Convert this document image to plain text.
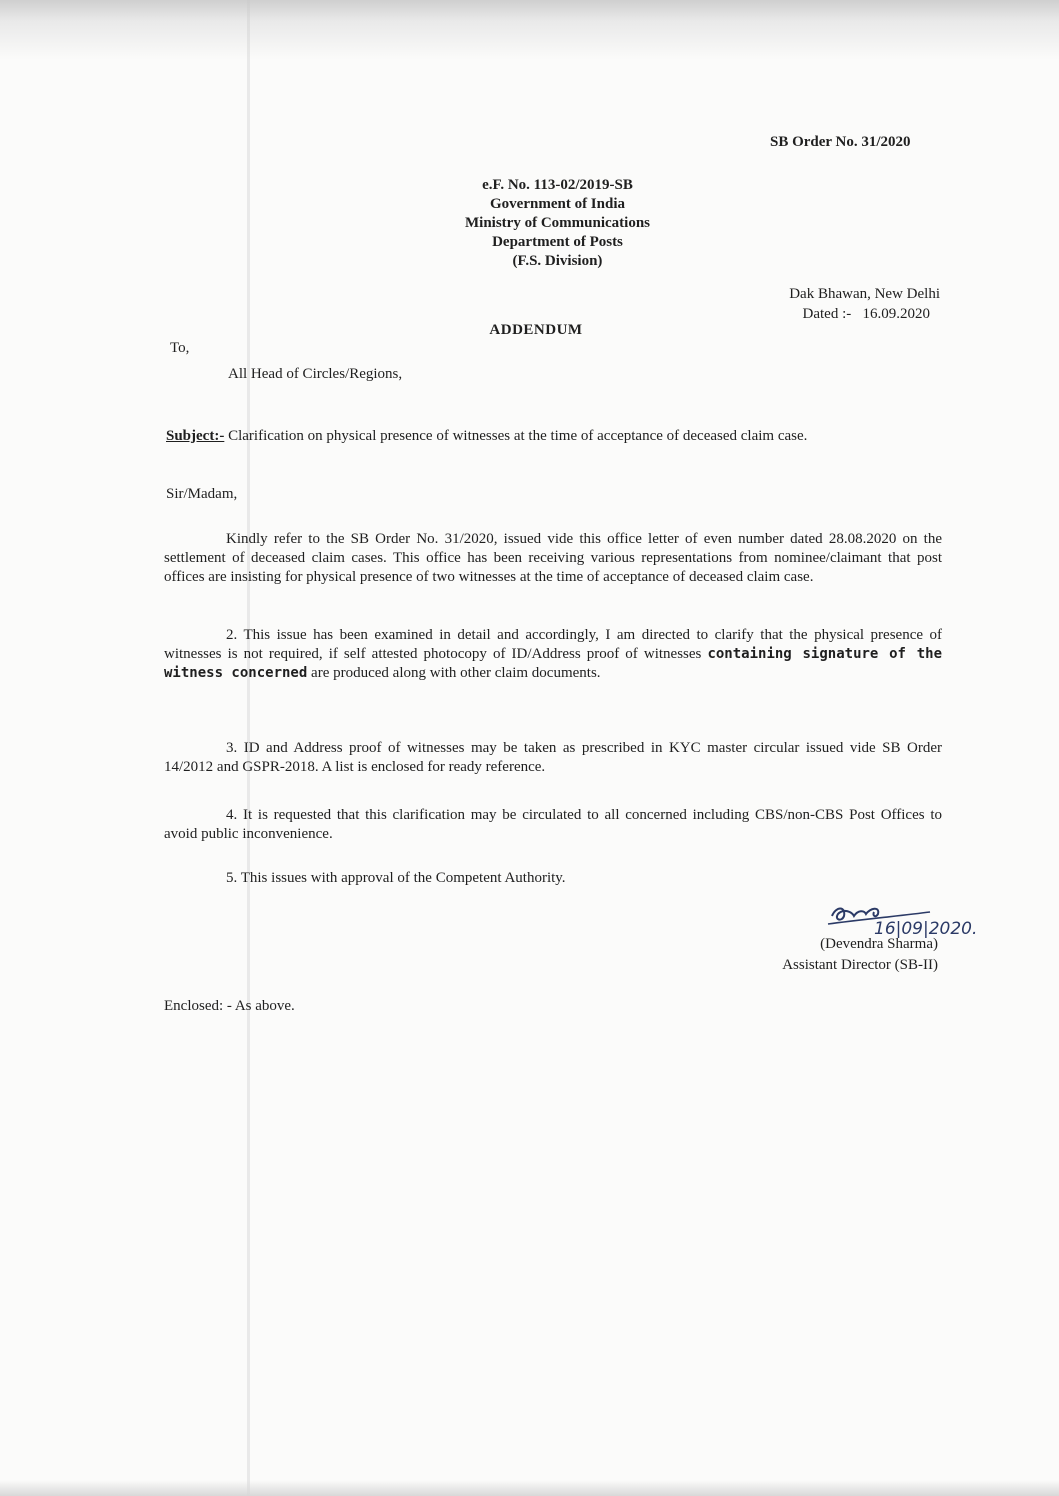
SB Order No. 31/2020
e.F. No. 113-02/2019-SB
Government of India
Ministry of Communications
Department of Posts
(F.S. Division)
Dak Bhawan, New Delhi
Dated :-   16.09.2020
ADDENDUM
To,
All Head of Circles/Regions,
Subject:- Clarification on physical presence of witnesses at the time of acceptance of deceased claim case.
Sir/Madam,
Kindly refer to the SB Order No. 31/2020, issued vide this office letter of even number dated 28.08.2020 on the settlement of deceased claim cases. This office has been receiving various representations from nominee/claimant that post offices are insisting for physical presence of two witnesses at the time of acceptance of deceased claim case.
2. This issue has been examined in detail and accordingly, I am directed to clarify that the physical presence of witnesses is not required, if self attested photocopy of ID/Address proof of witnesses containing signature of the witness concerned are produced along with other claim documents.
3. ID and Address proof of witnesses may be taken as prescribed in KYC master circular issued vide SB Order 14/2012 and GSPR-2018. A list is enclosed for ready reference.
4. It is requested that this clarification may be circulated to all concerned including CBS/non-CBS Post Offices to avoid public inconvenience.
5. This issues with approval of the Competent Authority.
16|09|2020.
(Devendra Sharma)
Assistant Director (SB-II)
Enclosed: - As above.
